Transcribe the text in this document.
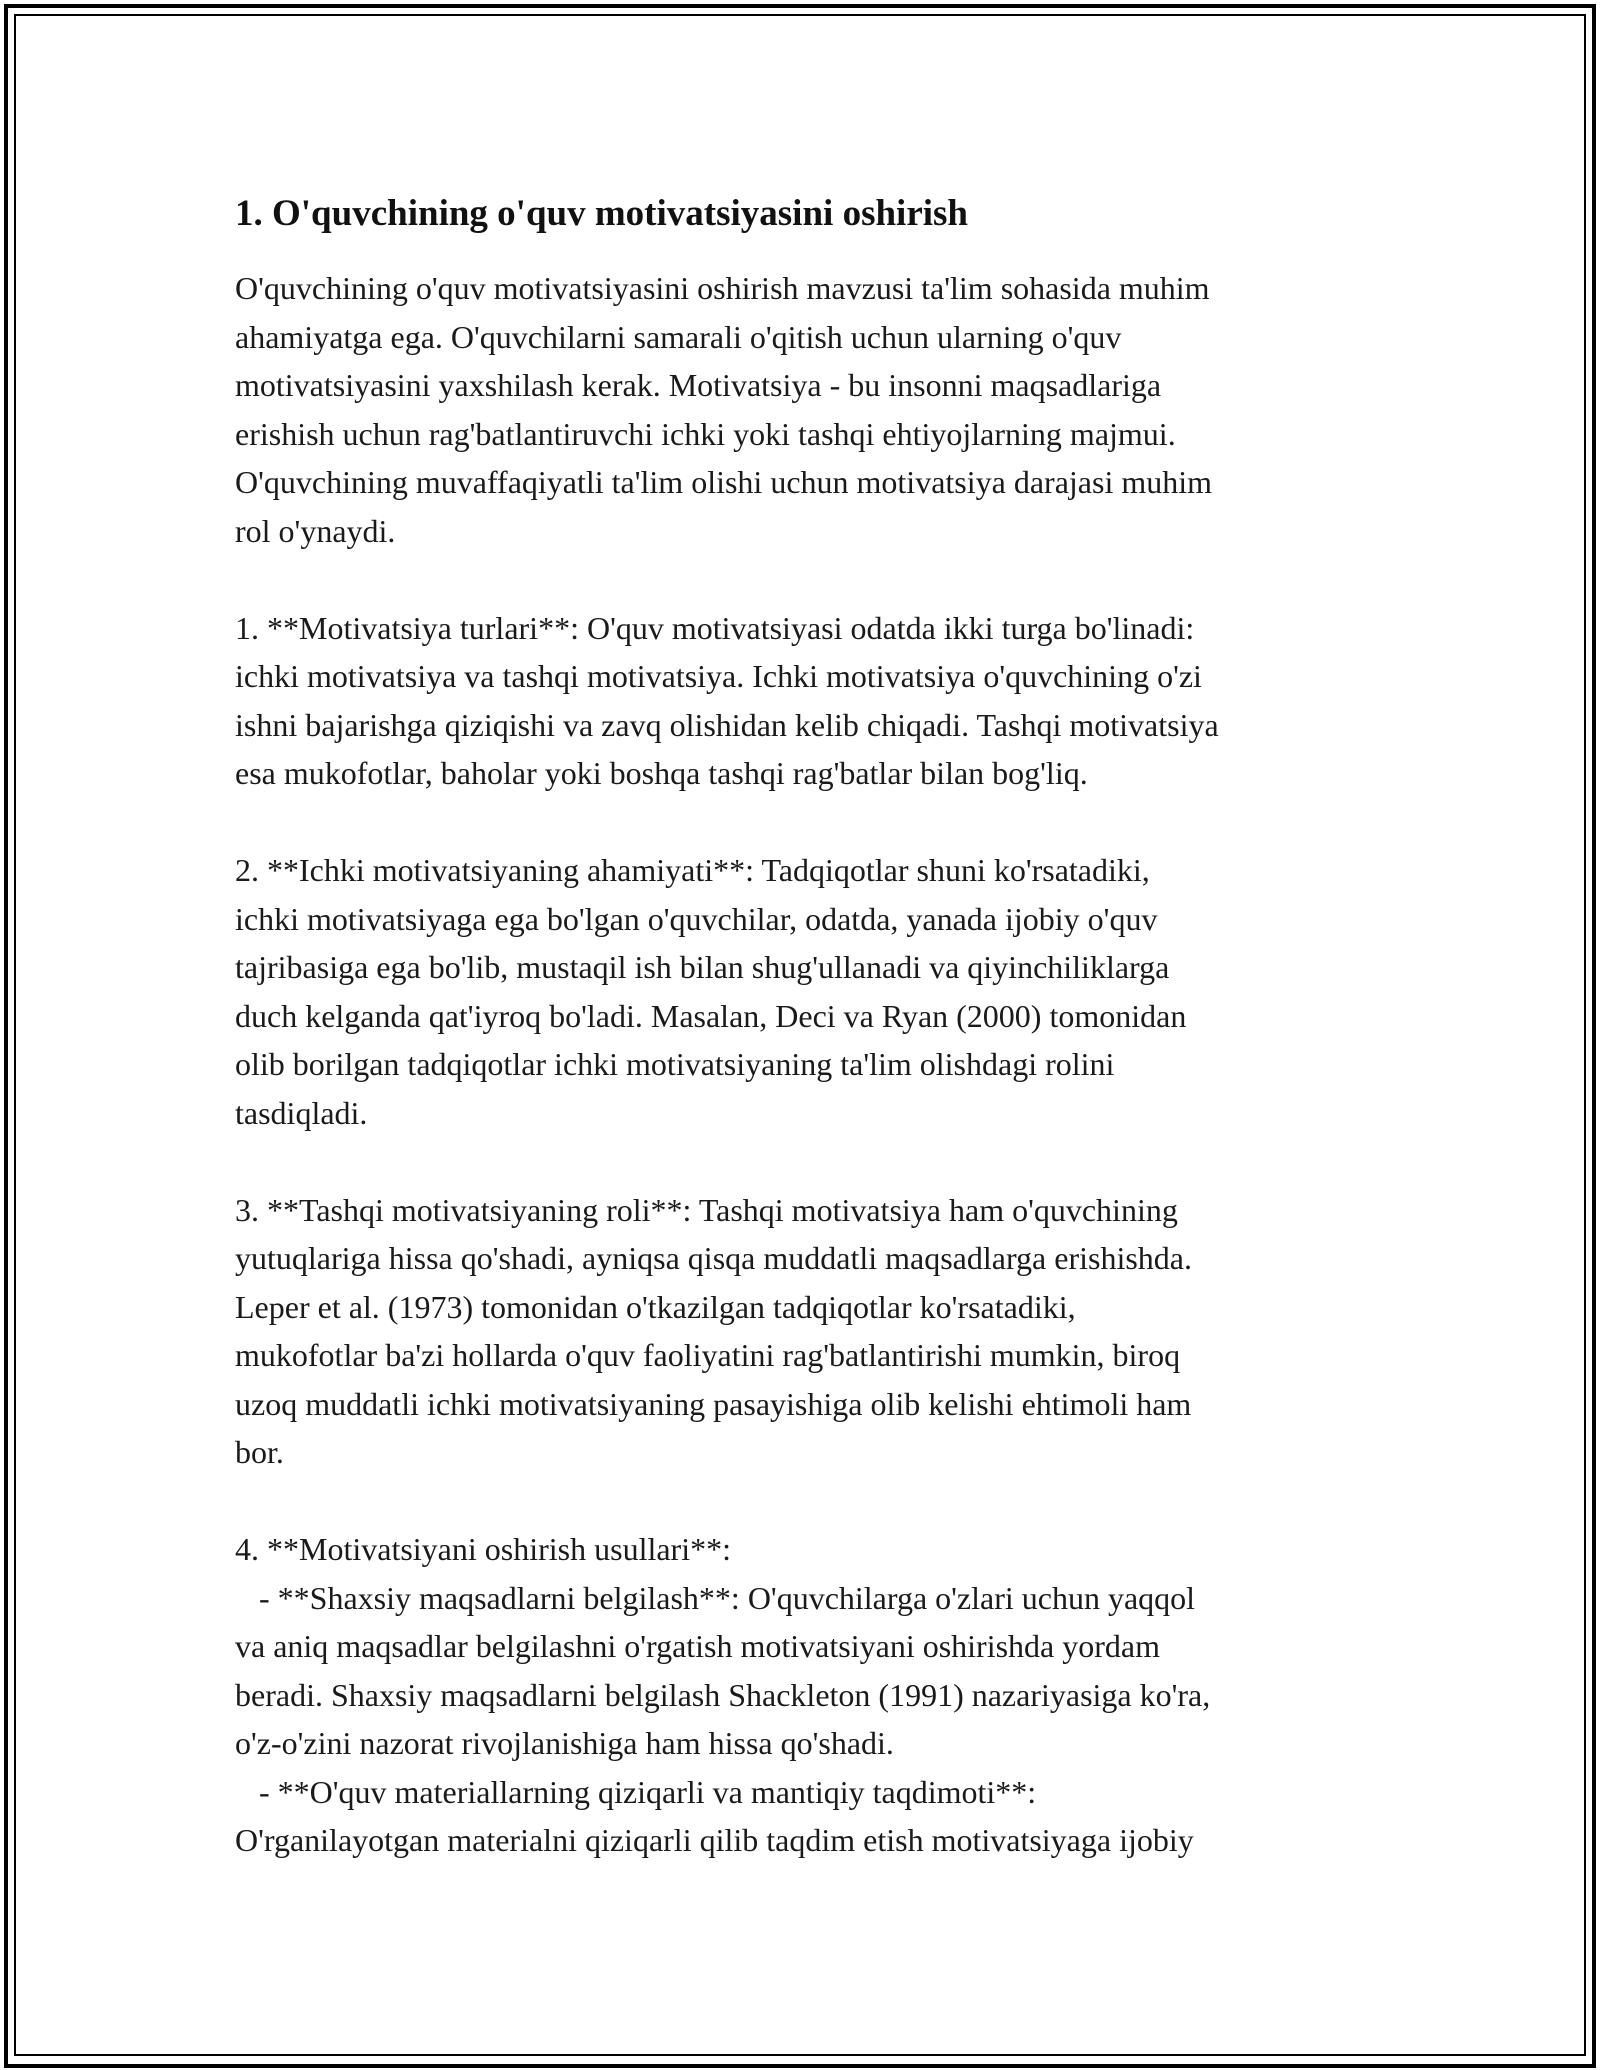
1. O'quvchining o'quv motivatsiyasini oshirish
O'quvchining o'quv motivatsiyasini oshirish mavzusi ta'lim sohasida muhim
ahamiyatga ega. O'quvchilarni samarali o'qitish uchun ularning o'quv
motivatsiyasini yaxshilash kerak. Motivatsiya - bu insonni maqsadlariga
erishish uchun rag'batlantiruvchi ichki yoki tashqi ehtiyojlarning majmui.
O'quvchining muvaffaqiyatli ta'lim olishi uchun motivatsiya darajasi muhim
rol o'ynaydi.
1. **Motivatsiya turlari**: O'quv motivatsiyasi odatda ikki turga bo'linadi:
ichki motivatsiya va tashqi motivatsiya. Ichki motivatsiya o'quvchining o'zi
ishni bajarishga qiziqishi va zavq olishidan kelib chiqadi. Tashqi motivatsiya
esa mukofotlar, baholar yoki boshqa tashqi rag'batlar bilan bog'liq.
2. **Ichki motivatsiyaning ahamiyati**: Tadqiqotlar shuni ko'rsatadiki,
ichki motivatsiyaga ega bo'lgan o'quvchilar, odatda, yanada ijobiy o'quv
tajribasiga ega bo'lib, mustaqil ish bilan shug'ullanadi va qiyinchiliklarga
duch kelganda qat'iyroq bo'ladi. Masalan, Deci va Ryan (2000) tomonidan
olib borilgan tadqiqotlar ichki motivatsiyaning ta'lim olishdagi rolini
tasdiqladi.
3. **Tashqi motivatsiyaning roli**: Tashqi motivatsiya ham o'quvchining
yutuqlariga hissa qo'shadi, ayniqsa qisqa muddatli maqsadlarga erishishda.
Leper et al. (1973) tomonidan o'tkazilgan tadqiqotlar ko'rsatadiki,
mukofotlar ba'zi hollarda o'quv faoliyatini rag'batlantirishi mumkin, biroq
uzoq muddatli ichki motivatsiyaning pasayishiga olib kelishi ehtimoli ham
bor.
4. **Motivatsiyani oshirish usullari**:
- **Shaxsiy maqsadlarni belgilash**: O'quvchilarga o'zlari uchun yaqqol
va aniq maqsadlar belgilashni o'rgatish motivatsiyani oshirishda yordam
beradi. Shaxsiy maqsadlarni belgilash Shackleton (1991) nazariyasiga ko'ra,
o'z-o'zini nazorat rivojlanishiga ham hissa qo'shadi.
- **O'quv materiallarning qiziqarli va mantiqiy taqdimoti**:
O'rganilayotgan materialni qiziqarli qilib taqdim etish motivatsiyaga ijobiy
